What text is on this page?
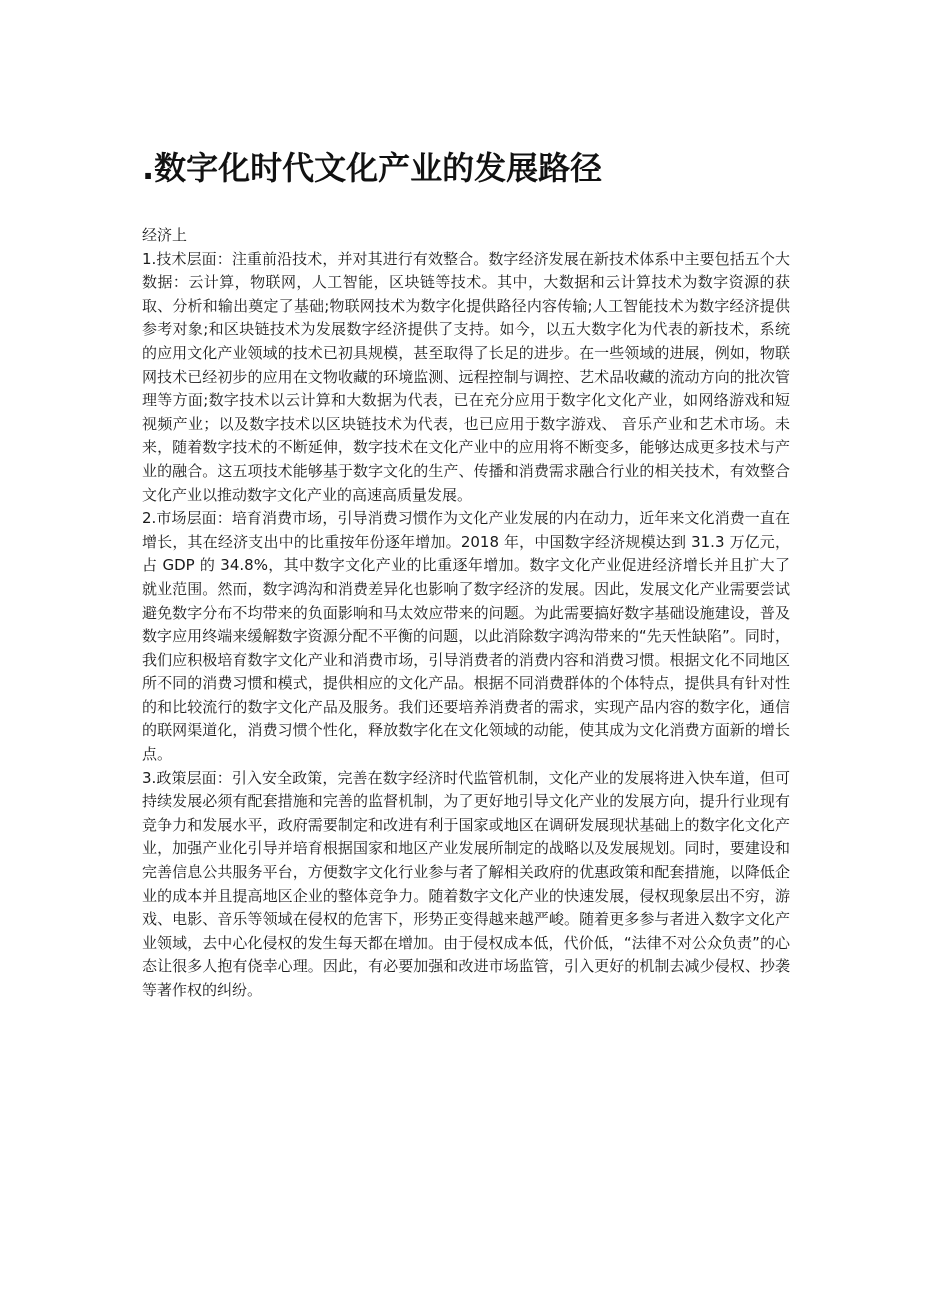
.数字化时代文化产业的发展路径

经济上

1.技术层面：注重前沿技术，并对其进行有效整合。数字经济发展在新技术体系中主要包括五个大数据：云计算，物联网，人工智能，区块链等技术。其中，大数据和云计算技术为数字资源的获取、分析和输出奠定了基础;物联网技术为数字化提供路径内容传输;人工智能技术为数字经济提供参考对象;和区块链技术为发展数字经济提供了支持。如今，以五大数字化为代表的新技术，系统的应用文化产业领域的技术已初具规模，甚至取得了长足的进步。在一些领域的进展，例如，物联网技术已经初步的应用在文物收藏的环境监测、远程控制与调控、艺术品收藏的流动方向的批次管理等方面;数字技术以云计算和大数据为代表，已在充分应用于数字化文化产业，如网络游戏和短视频产业；以及数字技术以区块链技术为代表，也已应用于数字游戏、 音乐产业和艺术市场。未来，随着数字技术的不断延伸，数字技术在文化产业中的应用将不断变多，能够达成更多技术与产业的融合。这五项技术能够基于数字文化的生产、传播和消费需求融合行业的相关技术，有效整合文化产业以推动数字文化产业的高速高质量发展。

2.市场层面：培育消费市场，引导消费习惯作为文化产业发展的内在动力，近年来文化消费一直在增长，其在经济支出中的比重按年份逐年增加。2018 年，中国数字经济规模达到 31.3 万亿元，占 GDP 的 34.8%，其中数字文化产业的比重逐年增加。数字文化产业促进经济增长并且扩大了就业范围。然而，数字鸿沟和消费差异化也影响了数字经济的发展。因此，发展文化产业需要尝试避免数字分布不均带来的负面影响和马太效应带来的问题。为此需要搞好数字基础设施建设，普及数字应用终端来缓解数字资源分配不平衡的问题，以此消除数字鸿沟带来的“先天性缺陷”。同时，我们应积极培育数字文化产业和消费市场，引导消费者的消费内容和消费习惯。根据文化不同地区所不同的消费习惯和模式，提供相应的文化产品。根据不同消费群体的个体特点，提供具有针对性的和比较流行的数字文化产品及服务。我们还要培养消费者的需求，实现产品内容的数字化，通信的联网渠道化，消费习惯个性化，释放数字化在文化领域的动能，使其成为文化消费方面新的增长点。

3.政策层面：引入安全政策，完善在数字经济时代监管机制，文化产业的发展将进入快车道，但可持续发展必须有配套措施和完善的监督机制，为了更好地引导文化产业的发展方向，提升行业现有竞争力和发展水平，政府需要制定和改进有利于国家或地区在调研发展现状基础上的数字化文化产业，加强产业化引导并培育根据国家和地区产业发展所制定的战略以及发展规划。同时，要建设和完善信息公共服务平台，方便数字文化行业参与者了解相关政府的优惠政策和配套措施，以降低企业的成本并且提高地区企业的整体竞争力。随着数字文化产业的快速发展，侵权现象层出不穷，游戏、电影、音乐等领域在侵权的危害下，形势正变得越来越严峻。随着更多参与者进入数字文化产业领域，去中心化侵权的发生每天都在增加。由于侵权成本低，代价低，“法律不对公众负责”的心态让很多人抱有侥幸心理。因此，有必要加强和改进市场监管，引入更好的机制去减少侵权、抄袭等著作权的纠纷。
